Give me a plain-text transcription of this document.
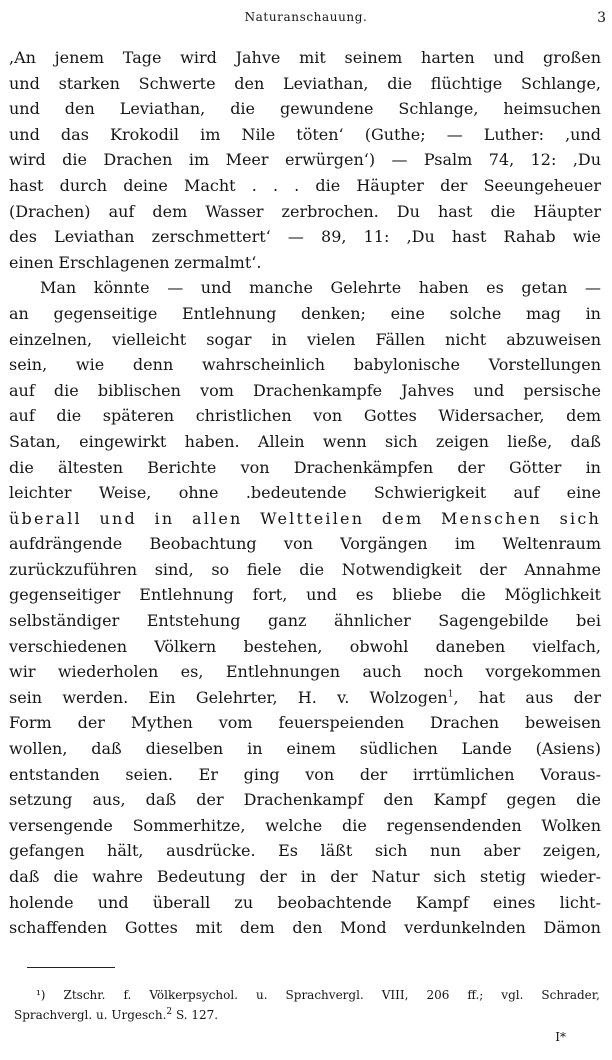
Naturanschauung.	3
,An jenem Tage wird Jahve mit seinem harten und großen
und starken Schwerte den Leviathan, die flüchtige Schlange,
und den Leviathan, die gewundene Schlange, heimsuchen
und das Krokodil im Nile töten‘ (Guthe; — Luther: ‚und
wird die Drachen im Meer erwürgen‘) — Psalm 74, 12: ‚Du
hast durch deine Macht . . . die Häupter der Seeungeheuer
(Drachen) auf dem Wasser zerbrochen. Du hast die Häupter
des Leviathan zerschmettert‘ — 89, 11: ‚Du hast Rahab wie
einen Erschlagenen zermalmt‘.
Man könnte — und manche Gelehrte haben es getan —
an gegenseitige Entlehnung denken; eine solche mag in
einzelnen, vielleicht sogar in vielen Fällen nicht abzuweisen
sein, wie denn wahrscheinlich babylonische Vorstellungen
auf die biblischen vom Drachenkampfe Jahves und persische
auf die späteren christlichen von Gottes Widersacher, dem
Satan, eingewirkt haben. Allein wenn sich zeigen ließe, daß
die ältesten Berichte von Drachenkämpfen der Götter in
leichter Weise, ohne .bedeutende Schwierigkeit auf eine
überall und in allen Weltteilen dem Menschen sich
aufdrängende Beobachtung von Vorgängen im Weltenraum
zurückzuführen sind, so fiele die Notwendigkeit der Annahme
gegenseitiger Entlehnung fort, und es bliebe die Möglichkeit
selbständiger Entstehung ganz ähnlicher Sagengebilde bei
verschiedenen Völkern bestehen, obwohl daneben vielfach,
wir wiederholen es, Entlehnungen auch noch vorgekommen
sein werden. Ein Gelehrter, H. v. Wolzogen$^1$, hat aus der
Form der Mythen vom feuerspeienden Drachen beweisen
wollen, daß dieselben in einem südlichen Lande (Asiens)
entstanden seien. Er ging von der irrtümlichen Voraus-
setzung aus, daß der Drachenkampf den Kampf gegen die
versengende Sommerhitze, welche die regensendenden Wolken
gefangen hält, ausdrücke. Es läßt sich nun aber zeigen,
daß die wahre Bedeutung der in der Natur sich stetig wieder-
holende und überall zu beobachtende Kampf eines licht-
schaffenden Gottes mit dem den Mond verdunkelnden Dämon
¹) Ztschr. f. Völkerpsychol. u. Sprachvergl. VIII, 206 ff.; vgl. Schrader,
Sprachvergl. u. Urgesch.$^2$ S. 127.
I*
